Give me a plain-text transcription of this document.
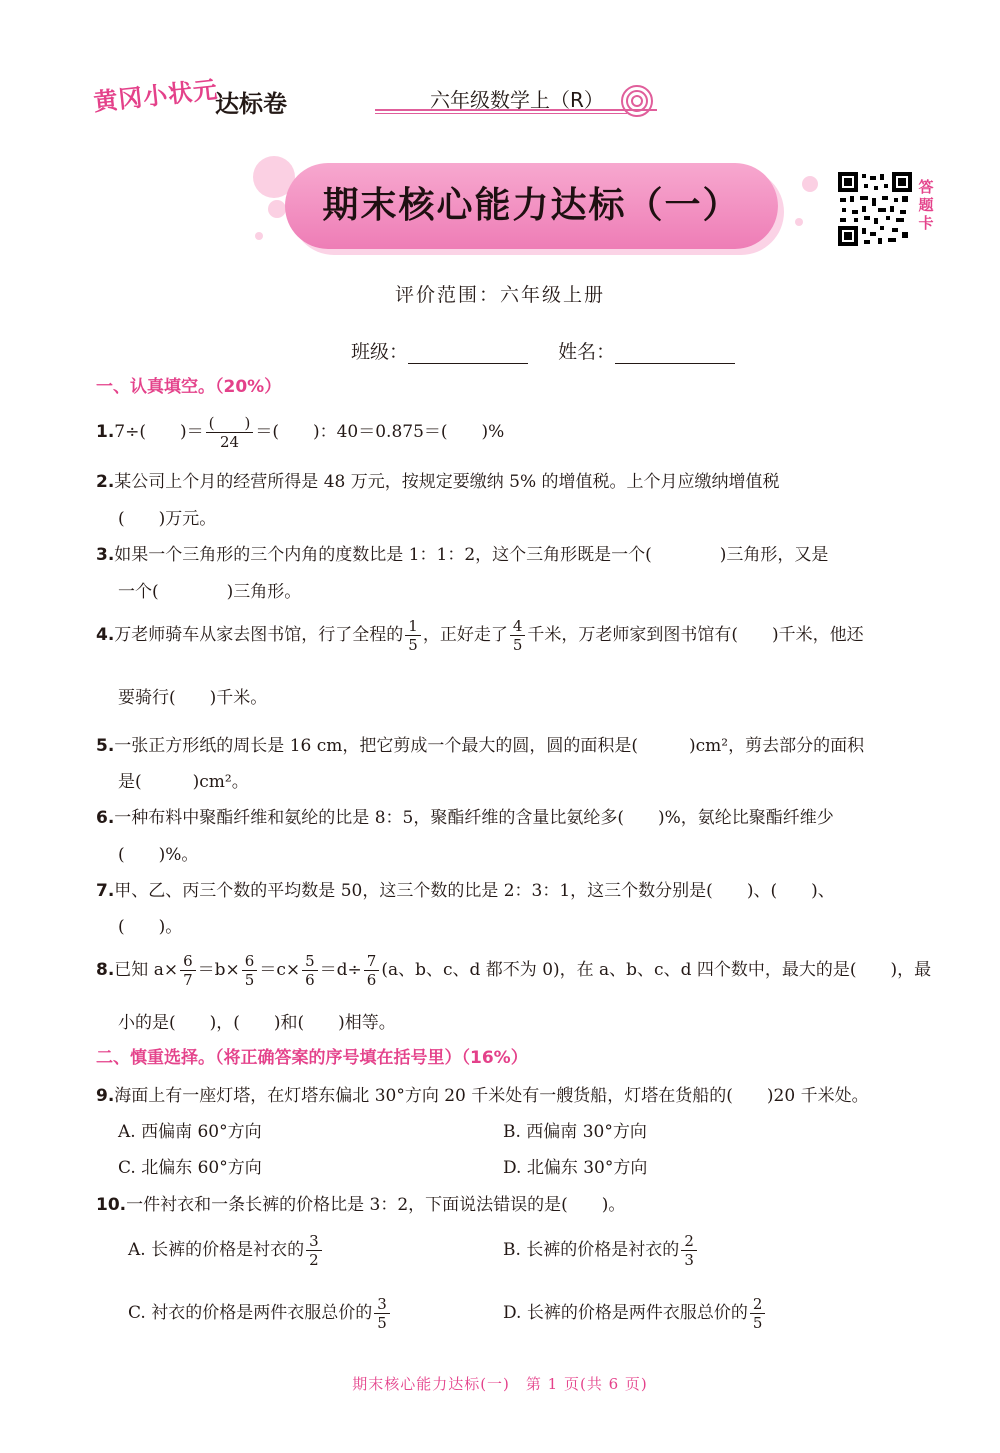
黄冈小状元
达标卷	六年级数学上（R）
期末核心能力达标（一）	答题卡
评价范围：六年级上册
班级：	姓名：
一、认真填空。（20%）
1.7÷(　　)＝ $\frac{( )}{24}$ ＝(　　)：40＝0.875＝(　　)%
2.某公司上个月的经营所得是 48 万元，按规定要缴纳 5% 的增值税。上个月应缴纳增值税
(　　)万元。
3.如果一个三角形的三个内角的度数比是 1：1：2，这个三角形既是一个(　　　　)三角形，又是
一个(　　　　)三角形。
4.万老师骑车从家去图书馆，行了全程的 $\frac{1}{5}$ ，正好走了 $\frac{4}{5}$ 千米，万老师家到图书馆有(　　)千米，他还
要骑行(　　)千米。
5.一张正方形纸的周长是 16 cm，把它剪成一个最大的圆，圆的面积是(　　　)cm²，剪去部分的面积
是(　　　)cm²。
6.一种布料中聚酯纤维和氨纶的比是 8：5，聚酯纤维的含量比氨纶多(　　)%，氨纶比聚酯纤维少
(　　)%。
7.甲、乙、丙三个数的平均数是 50，这三个数的比是 2：3：1，这三个数分别是(　　)、(　　)、
(　　)。
8.已知 $a\times \frac{6}{7} =b\times \frac{6}{5} =c\times \frac{5}{6} =d\div \frac{7}{6} (a$、b、c、d 都不为 0)，在 a、b、c、d 四个数中，最大的是(　　)，最
小的是(　　)，(　　)和(　　)相等。
二、慎重选择。（将正确答案的序号填在括号里）（16%）
9.海面上有一座灯塔，在灯塔东偏北 30°方向 20 千米处有一艘货船，灯塔在货船的(　　)20 千米处。
A. 西偏南 60°方向	B. 西偏南 30°方向
C. 北偏东 60°方向	D. 北偏东 30°方向
10.一件衬衣和一条长裤的价格比是 3：2，下面说法错误的是(　　)。
A. 长裤的价格是衬衣的 $\frac{3}{2}$	B. 长裤的价格是衬衣的 $\frac{2}{3}$
C. 衬衣的价格是两件衣服总价的 $\frac{3}{5}$	D. 长裤的价格是两件衣服总价的 $\frac{2}{5}$
期末核心能力达标(一)　第 1 页(共 6 页)
